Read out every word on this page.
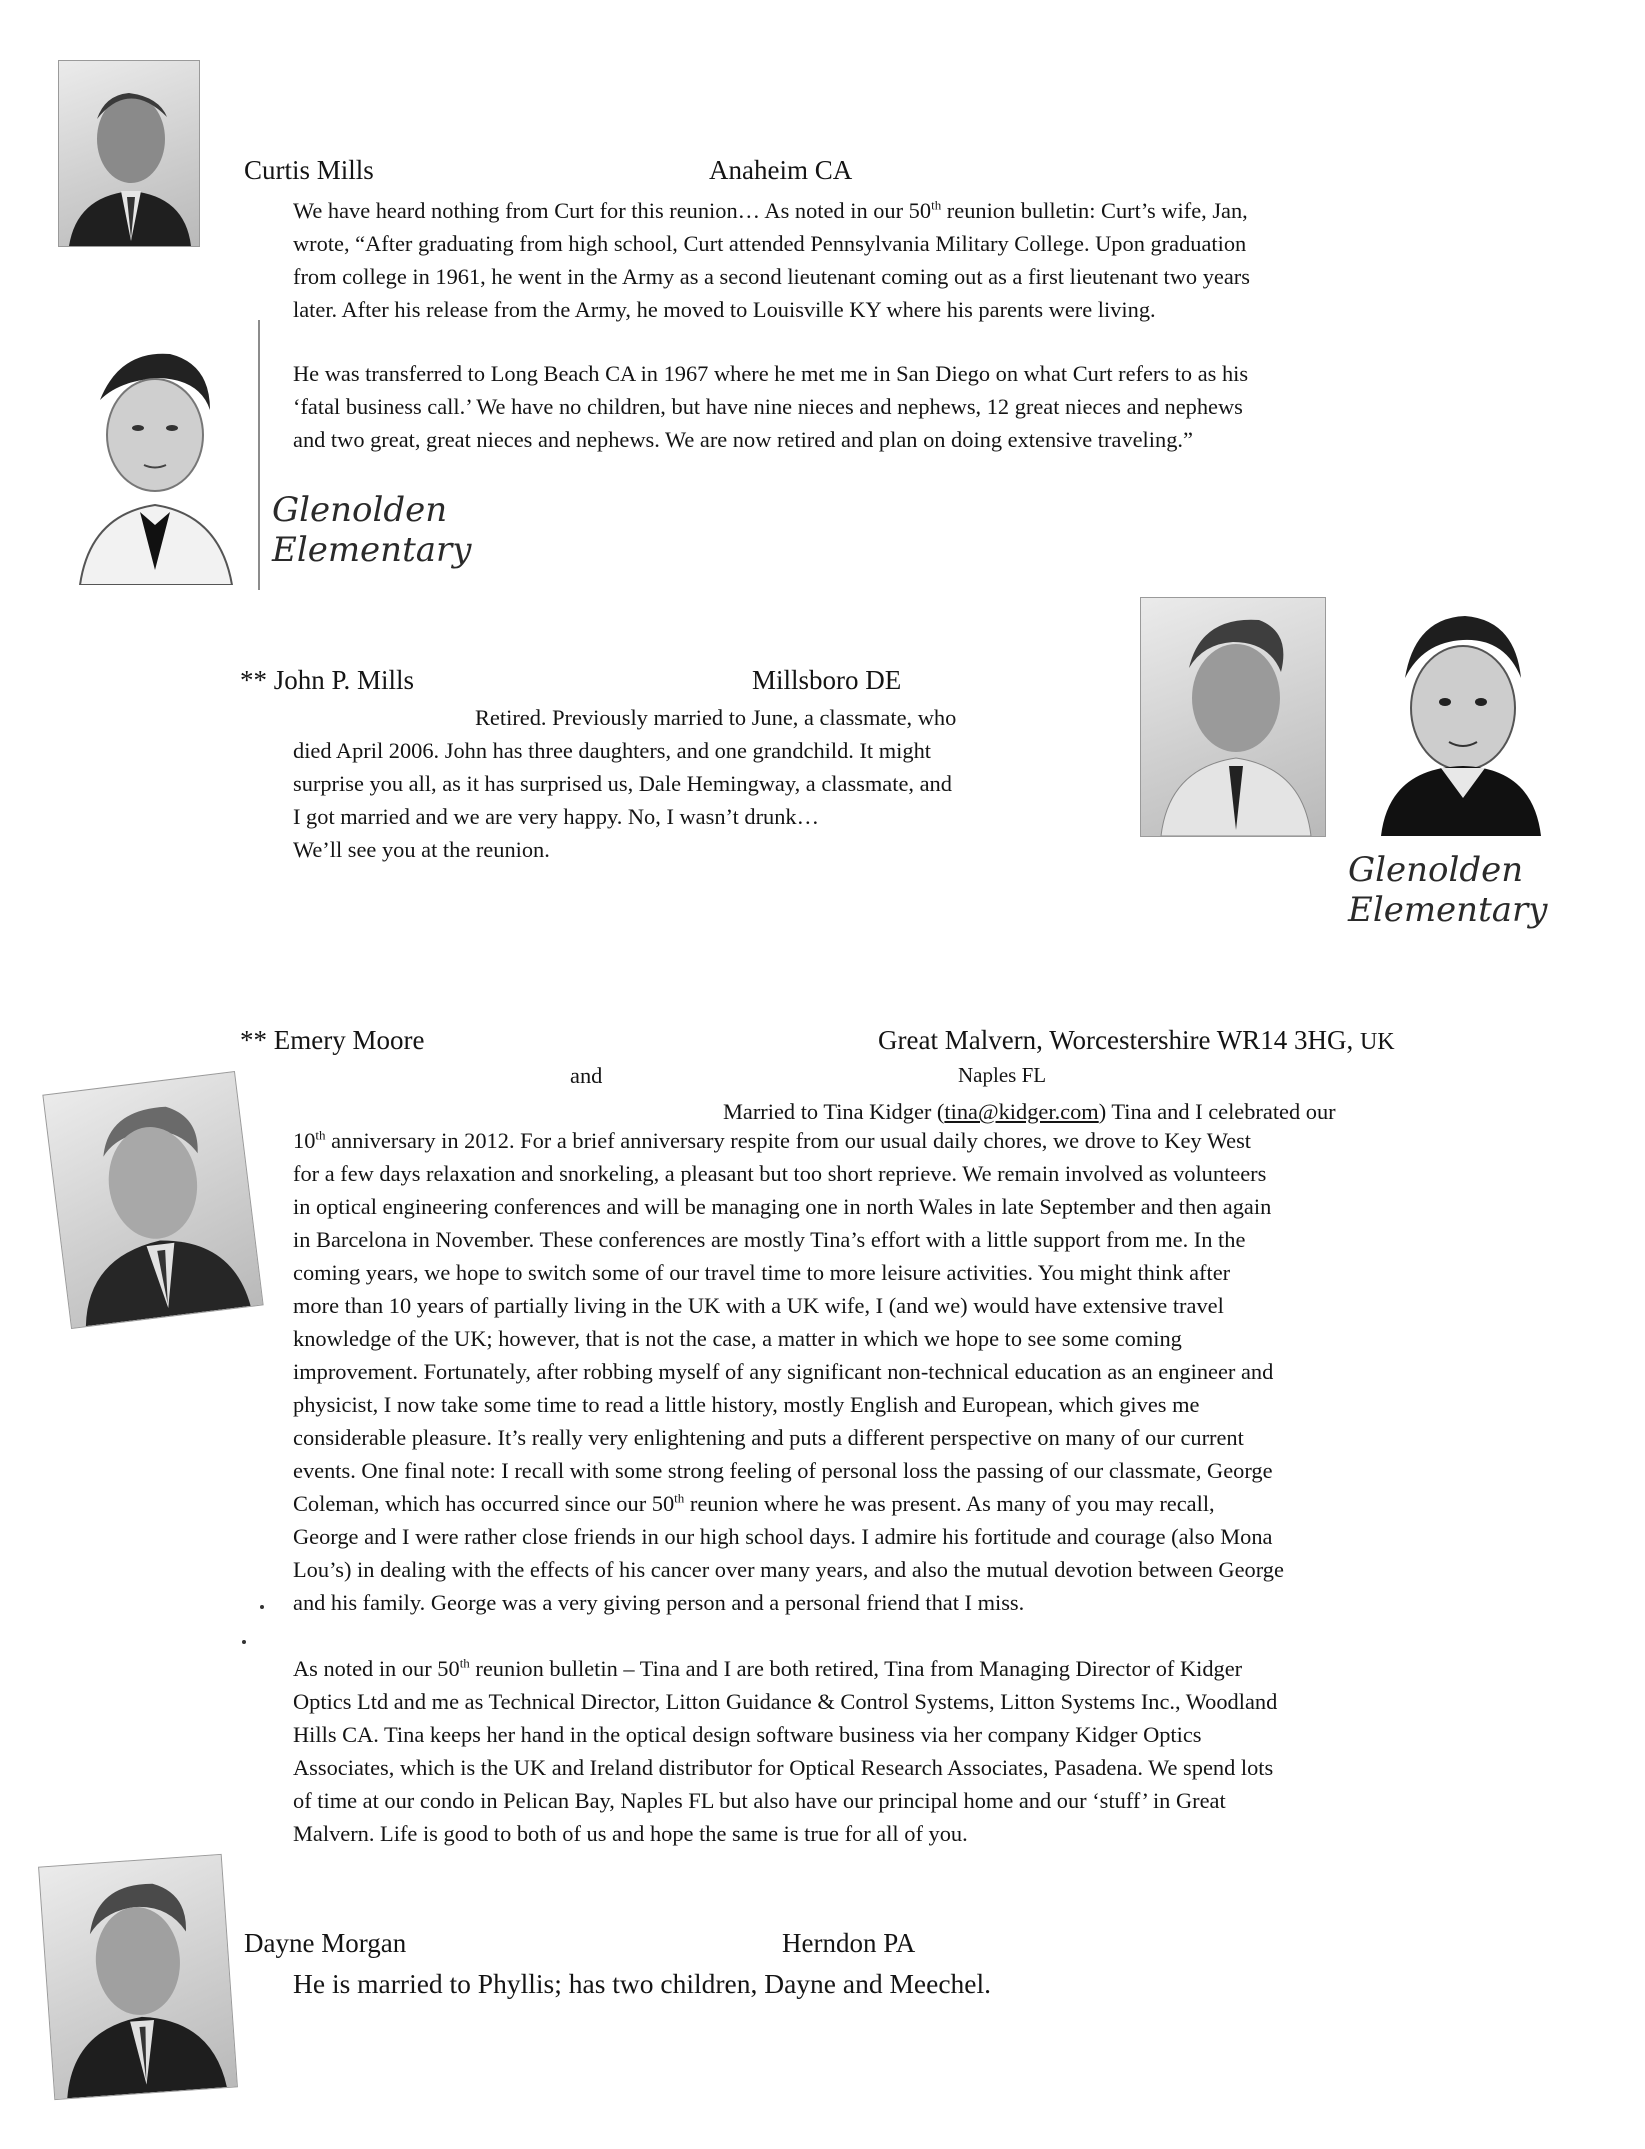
Glenolden
Elementary
Curtis Mills	Anaheim CA
We have heard nothing from Curt for this reunion… As noted in our 50th reunion bulletin: Curt’s wife, Jan,
wrote, “After graduating from high school, Curt attended Pennsylvania Military College. Upon graduation
from college in 1961, he went in the Army as a second lieutenant coming out as a first lieutenant two years
later. After his release from the Army, he moved to Louisville KY where his parents were living.
He was transferred to Long Beach CA in 1967 where he met me in San Diego on what Curt refers to as his
‘fatal business call.’ We have no children, but have nine nieces and nephews, 12 great nieces and nephews
and two great, great nieces and nephews. We are now retired and plan on doing extensive traveling.”
** John P. Mills	Millsboro DE
Retired. Previously married to June, a classmate, who
died April 2006. John has three daughters, and one grandchild. It might
surprise you all, as it has surprised us, Dale Hemingway, a classmate, and
I got married and we are very happy. No, I wasn’t drunk…
We’ll see you at the reunion.
Glenolden
Elementary
** Emery Moore	Great Malvern, Worcestershire WR14 3HG, UK
and	Naples FL
Married to Tina Kidger (tina@kidger.com) Tina and I celebrated our
10th anniversary in 2012. For a brief anniversary respite from our usual daily chores, we drove to Key West
for a few days relaxation and snorkeling, a pleasant but too short reprieve. We remain involved as volunteers
in optical engineering conferences and will be managing one in north Wales in late September and then again
in Barcelona in November. These conferences are mostly Tina’s effort with a little support from me. In the
coming years, we hope to switch some of our travel time to more leisure activities. You might think after
more than 10 years of partially living in the UK with a UK wife, I (and we) would have extensive travel
knowledge of the UK; however, that is not the case, a matter in which we hope to see some coming
improvement. Fortunately, after robbing myself of any significant non-technical education as an engineer and
physicist, I now take some time to read a little history, mostly English and European, which gives me
considerable pleasure. It’s really very enlightening and puts a different perspective on many of our current
events. One final note: I recall with some strong feeling of personal loss the passing of our classmate, George
Coleman, which has occurred since our 50th reunion where he was present. As many of you may recall,
George and I were rather close friends in our high school days. I admire his fortitude and courage (also Mona
Lou’s) in dealing with the effects of his cancer over many years, and also the mutual devotion between George
and his family. George was a very giving person and a personal friend that I miss.
As noted in our 50th reunion bulletin – Tina and I are both retired, Tina from Managing Director of Kidger
Optics Ltd and me as Technical Director, Litton Guidance & Control Systems, Litton Systems Inc., Woodland
Hills CA. Tina keeps her hand in the optical design software business via her company Kidger Optics
Associates, which is the UK and Ireland distributor for Optical Research Associates, Pasadena. We spend lots
of time at our condo in Pelican Bay, Naples FL but also have our principal home and our ‘stuff’ in Great
Malvern. Life is good to both of us and hope the same is true for all of you.
Dayne Morgan	Herndon PA
He is married to Phyllis; has two children, Dayne and Meechel.
